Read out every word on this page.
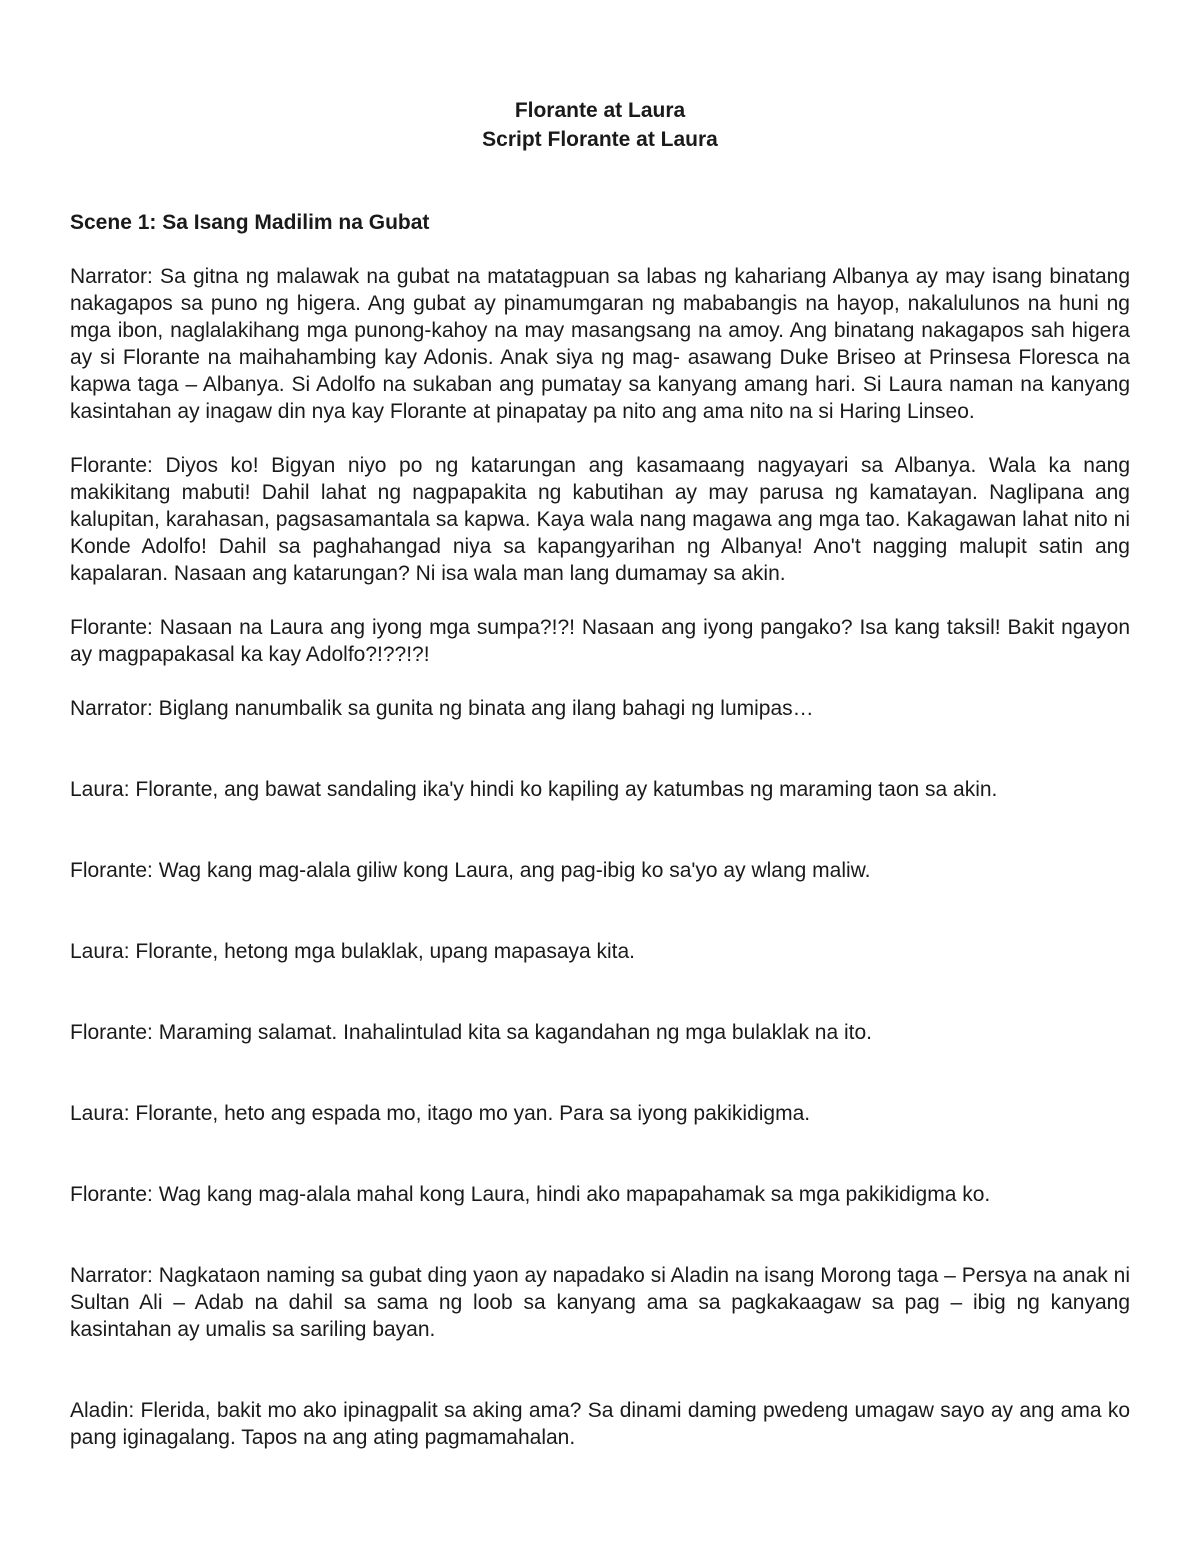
Florante at Laura
Script Florante at Laura
Scene 1: Sa Isang Madilim na Gubat

Narrator: Sa gitna ng malawak na gubat na matatagpuan sa labas ng kahariang Albanya ay may isang binatang nakagapos sa puno ng higera. Ang gubat ay pinamumgaran ng mababangis na hayop, nakalulunos na huni ng mga ibon, naglalakihang mga punong-kahoy na may masangsang na amoy. Ang binatang nakagapos sah higera ay si Florante na maihahambing kay Adonis. Anak siya ng mag- asawang Duke Briseo at Prinsesa Floresca na kapwa taga – Albanya. Si Adolfo na sukaban ang pumatay sa kanyang amang hari. Si Laura naman na kanyang kasintahan ay inagaw din nya kay Florante at pinapatay pa nito ang ama nito na si Haring Linseo.

Florante: Diyos ko! Bigyan niyo po ng katarungan ang kasamaang nagyayari sa Albanya. Wala ka nang makikitang mabuti! Dahil lahat ng nagpapakita ng kabutihan ay may parusa ng kamatayan. Naglipana ang kalupitan, karahasan, pagsasamantala sa kapwa. Kaya wala nang magawa ang mga tao. Kakagawan lahat nito ni Konde Adolfo! Dahil sa paghahangad niya sa kapangyarihan ng Albanya! Ano't nagging malupit satin ang kapalaran. Nasaan ang katarungan? Ni isa wala man lang dumamay sa akin.

Florante: Nasaan na Laura ang iyong mga sumpa?!?! Nasaan ang iyong pangako? Isa kang taksil! Bakit ngayon ay magpapakasal ka kay Adolfo?!??!?!

Narrator: Biglang nanumbalik sa gunita ng binata ang ilang bahagi ng lumipas…

Laura: Florante, ang bawat sandaling ika'y hindi ko kapiling ay katumbas ng maraming taon sa akin.

Florante: Wag kang mag-alala giliw kong Laura, ang pag-ibig ko sa'yo ay wlang maliw.

Laura: Florante, hetong mga bulaklak, upang mapasaya kita.

Florante: Maraming salamat. Inahalintulad kita sa kagandahan ng mga bulaklak na ito.

Laura: Florante, heto ang espada mo, itago mo yan. Para sa iyong pakikidigma.

Florante: Wag kang mag-alala mahal kong Laura, hindi ako mapapahamak sa mga pakikidigma ko.

Narrator: Nagkataon naming sa gubat ding yaon ay napadako si Aladin na isang Morong taga – Persya na anak ni Sultan Ali – Adab na dahil sa sama ng loob sa kanyang ama sa pagkakaagaw sa pag – ibig ng kanyang kasintahan ay umalis sa sariling bayan.

Aladin: Flerida, bakit mo ako ipinagpalit sa aking ama? Sa dinami daming pwedeng umagaw sayo ay ang ama ko pang iginagalang. Tapos na ang ating pagmamahalan.
